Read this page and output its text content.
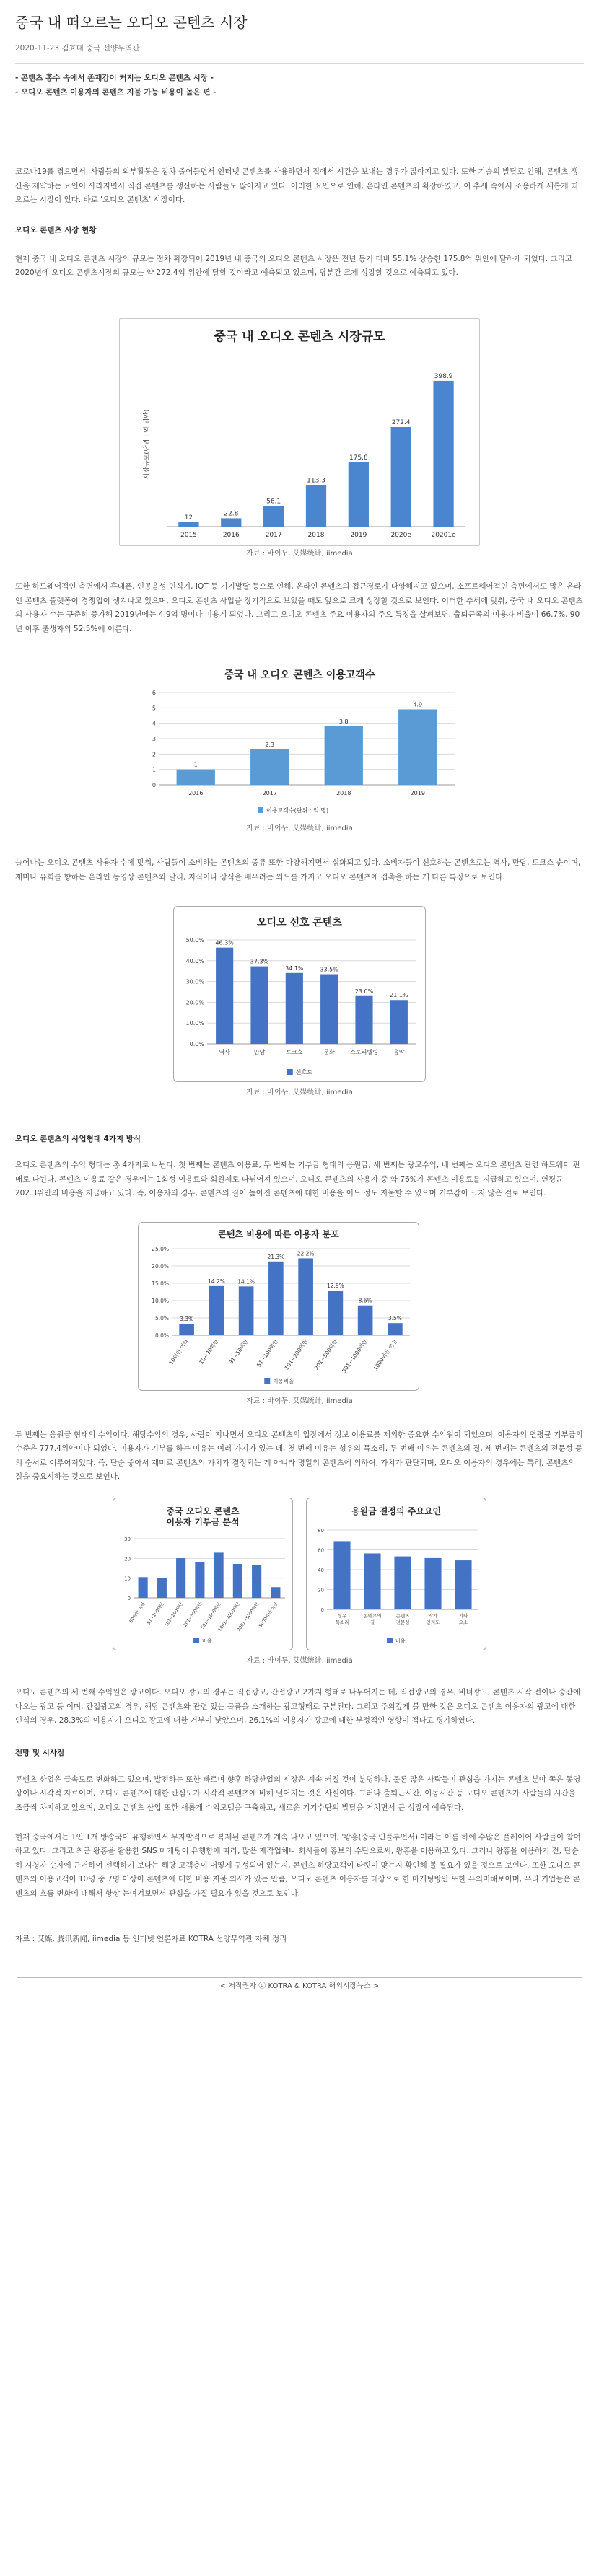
중국 내 떠오르는 오디오 콘텐츠 시장
2020-11-23 김효대 중국 선양무역관
- 콘텐츠 홍수 속에서 존재감이 커지는 오디오 콘텐츠 시장 -
- 오디오 콘텐츠 이용자의 콘텐츠 지불 가능 비용이 높은 편 -

코로나19를 겪으면서, 사람들의 외부활동은 점차 줄어들면서 인터넷 콘텐츠를 사용하면서 집에서 시간을 보내는 경우가 많아지고 있다. 또한 기술의 발달로 인해, 콘텐츠 생산을 제약하는 요인이 사라지면서 직접 콘텐츠를 생산하는 사람들도 많아지고 있다. 이러한 요인으로 인해, 온라인 콘텐츠의 확장하였고, 이 추세 속에서 조용하게 새롭게 떠오르는 시장이 있다. 바로 '오디오 콘텐츠' 시장이다.

오디오 콘텐츠 시장 현황

현재 중국 내 오디오 콘텐츠 시장의 규모는 점차 확장되어 2019년 내 중국의 오디오 콘텐츠 시장은 전년 동기 대비 55.1% 상승한 175.8억 위안에 달하게 되었다. 그리고 2020년에 오디오 콘텐츠시장의 규모는 약 272.4억 위안에 달할 것이라고 예측되고 있으며, 당분간 크게 성장할 것으로 예측되고 있다.

중국 내 오디오 콘텐츠 시장규모
시장규모(단위 : 억 위안)
12
2015
22.8
2016
56.1
2017
113.3
2018
175.8
2019
272.4
2020e
398.9
20201e
자료 : 바이두, 艾媒统计, iimedia

또한 하드웨어적인 측면에서 휴대폰, 인공음성 인식기, IOT 등 기기발달 등으로 인해, 온라인 콘텐츠의 접근경로가 다양해지고 있으며, 소프트웨어적인 측면에서도 많은 온라인 콘텐츠 플랫폼이 경쟁업이 생겨나고 있으며, 오디오 콘텐츠 사업을 장기적으로 보았을 때도 앞으로 크게 성장할 것으로 보인다. 이러한 추세에 맞춰, 중국 내 오디오 콘텐츠의 사용자 수는 꾸준히 증가해 2019년에는 4.9억 명이나 이용게 되었다. 그리고 오디오 콘텐츠 주요 이용자의 주요 특징을 살펴보면, 출퇴근족의 이용자 비율이 66.7%, 90년 이후 출생자의 52.5%에 이른다.

중국 내 오디오 콘텐츠 이용고객수
0
1
2
3
4
5
6
1
2016
2.3
2017
3.8
2018
4.9
2019
이용고객수(단위 : 억 명)
자료 : 바이두, 艾媒统计, iimedia

늘어나는 오디오 콘텐츠 사용자 수에 맞춰, 사람들이 소비하는 콘텐츠의 종류 또한 다양해지면서 심화되고 있다. 소비자들이 선호하는 콘텐츠로는 역사, 만담, 토크쇼 순이며, 재미나 유희를 향하는 온라인 동영상 콘텐츠와 달리, 지식이나 상식을 배우려는 의도를 가지고 오디오 콘텐츠에 접촉을 하는 게 다른 특징으로 보인다.

오디오 선호 콘텐츠
0.0%
10.0%
20.0%
30.0%
40.0%
50.0% 46.3%
역사
37.3%
만담
34.1%
토크쇼
33.5%
문화
23.0%
스토리텔링
21.1%
음악
선호도
자료 : 바이두, 艾媒统计, iimedia
오디오 콘텐츠의 사업형태 4가지 방식

오디오 콘텐츠의 수익 형태는 총 4가지로 나뉜다. 첫 번째는 콘텐츠 이용료, 두 번째는 기부금 형태의 응원금, 세 번째는 광고수익, 네 번째는 오디오 콘텐츠 관련 하드웨어 판매로 나뉜다. 콘텐츠 이용료 같은 경우에는 1회성 이용료와 회원제로 나뉘어져 있으며, 오디오 콘텐츠의 사용자 중 약 76%가 콘텐츠 이용료를 지급하고 있으며, 연평균 202.3위안의 비용을 지급하고 있다. 즉, 이용자의 경우, 콘텐츠의 질이 높아진 콘텐츠에 대한 비용을 어느 정도 지불할 수 있으며 거부감이 크지 않은 걸로 보인다.

콘텐츠 비용에 따른 이용자 분포
0.0%
5.0%
10.0%
15.0%
20.0%
25.0%
3.3%
10위안 이하
14.2%
10~30위안
14.1%
31~50위안
21.3%
51~100위안
22.2%
101~200위안
12.9%
201~500위안
8.6%
501~1000위안
3.5%
1000위안 이상
이용비율
자료 : 바이두, 艾媒统计, iimedia

두 번째는 응원금 형태의 수익이다. 해당수익의 경우, 사람이 지나면서 오디오 콘텐츠의 입장에서 정보 이용료를 제외한 중요한 수익원이 되었으며, 이용자의 연평균 기부금의 수준은 777.4위안이나 되었다. 이용자가 기부를 하는 이유는 여러 가지가 있는 데, 첫 번째 이유는 성우의 목소리, 두 번째 이유는 콘텐츠의 질, 세 번째는 콘텐츠의 전문성 등의 순서로 이루어져있다. 즉, 단순 좋아서 재미로 콘텐츠의 가치가 결정되는 게 아니라 명일의 콘텐츠에 의하여, 가치가 판단되며, 오디오 이용자의 경우에는 특히, 콘텐츠의 질을 중요시하는 것으로 보인다.

중국 오디오 콘텐츠
이용자 기부금 분석
0
10
20
30
50위안 이하 51~100위안
101~200위안
201~500위안
501~1000위안
1001~2000위안
2001~5000위안
5000위안 이상
비율
응원금 결정의 주요요인
0
20
40
60
80
성우
목소리
콘텐츠의
질
콘텐츠
전문성
작가
인지도
기타
요소
비율
자료 : 바이두, 艾媒统计, iimedia

오디오 콘텐츠의 세 번째 수익원은 광고이다. 오디오 광고의 경우는 직접광고, 간접광고 2가지 형태로 나누어지는 데, 직접광고의 경우, 비너광고, 콘텐츠 시작 전이나 중간에 나오는 광고 등 이며, 간접광고의 경우, 해당 콘텐츠와 관련 있는 물품을 소개하는 광고형태로 구분된다. 그리고 주의깊게 볼 만한 것은 오디오 콘텐츠 이용자의 광고에 대한 인식의 경우, 28.3%의 이용자가 오디오 광고에 대한 거부이 낮았으며, 26.1%의 이용자가 광고에 대한 부정적인 영향이 적다고 평가하였다.

전망 및 시사점

콘텐츠 산업은 급속도로 변화하고 있으며, 발전하는 또한 빠르며 향후 하당산업의 시장은 계속 커질 것이 분명하다. 물론 많은 사람들이 관심을 가지는 콘텐츠 분야 쪽은 동영상이나 시각적 자료이며, 오디오 콘텐츠에 대한 관심도가 시각적 콘텐츠에 비해 떨어지는 것은 사실이다. 그러나 출퇴근시간, 이동시간 등 오디오 콘텐츠가 사람들의 시간을 조금씩 차지하고 있으며, 오디오 콘텐츠 산업 또한 새롭게 수익모델을 구축하고, 새로운 기기수단의 발달을 거치면서 큰 성장이 예측된다.

현재 중국에서는 1인 1개 방송국이 유행하면서 무자발적으로 복제된 콘텐츠가 계속 나오고 있으며, '왕홍(중국 인플루언서)'이라는 이름 하에 수많은 플레이어 사람들이 참여하고 있다. 그리고 최근 왕홍을 활용한 SNS 마케팅이 유행함에 따라, 많은 제작업체나 회사들이 홍보의 수단으로써, 왕홍을 이용하고 있다. 그러나 왕홍을 이용하기 전, 단순히 시청자 숫자에 근거하여 선택하기 보다는 해당 고객층이 어떻게 구성되어 있는지, 콘텐츠 하당고객이 타킷이 맞는지 확인해 볼 필요가 있을 것으로 보인다. 또한 오디오 콘텐츠의 이용고객이 10명 중 7명 이상이 콘텐츠에 대한 비용 지불 의사가 있는 만큼, 오디오 콘텐츠 이용자를 대상으로 한 마케팅방안 또한 유의미해보이며, 우리 기업들은 콘텐츠의 흐름 변화에 대해서 항상 눈여겨보면서 관심을 가질 필요가 있을 것으로 보인다.

자료 : 艾媒, 腾讯新闻, iimedia 등 인터넷 언론자료 KOTRA 선양무역관 자체 정리

< 저작권자 ⓒ KOTRA & KOTRA 해외시장뉴스 >
